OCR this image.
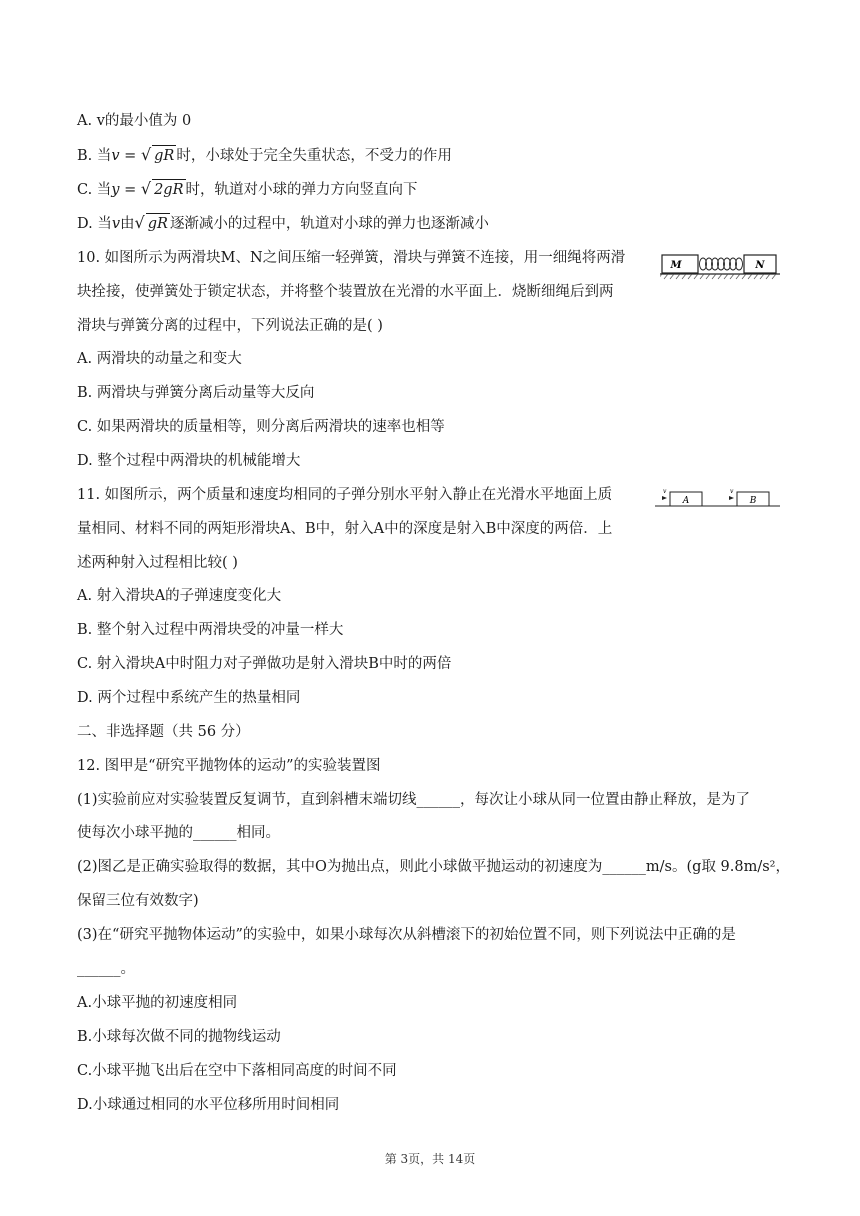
A. v的最小值为 0
B. 当v = √ gR 时，小球处于完全失重状态，不受力的作用
C. 当y = √ 2gR 时，轨道对小球的弹力方向竖直向下
D. 当v由√ gR 逐渐减小的过程中，轨道对小球的弹力也逐渐减小
10. 如图所示为两滑块M、N之间压缩一轻弹簧，滑块与弹簧不连接，用一细绳将两滑
块拴接，使弹簧处于锁定状态，并将整个装置放在光滑的水平面上．烧断细绳后到两
滑块与弹簧分离的过程中，下列说法正确的是( )
A. 两滑块的动量之和变大
B. 两滑块与弹簧分离后动量等大反向
C. 如果两滑块的质量相等，则分离后两滑块的速率也相等
D. 整个过程中两滑块的机械能增大
M	N
11. 如图所示，两个质量和速度均相同的子弹分别水平射入静止在光滑水平地面上质
量相同、材料不同的两矩形滑块A、B中，射入A中的深度是射入B中深度的两倍．上
述两种射入过程相比较( )
A. 射入滑块A的子弹速度变化大
B. 整个射入过程中两滑块受的冲量一样大
C. 射入滑块A中时阻力对子弹做功是射入滑块B中时的两倍
D. 两个过程中系统产生的热量相同
v
A
v
B
二、非选择题（共 56 分）
12. 图甲是“研究平抛物体的运动”的实验装置图
(1)实验前应对实验装置反复调节，直到斜槽末端切线______，每次让小球从同一位置由静止释放，是为了
使每次小球平抛的______相同。
(2)图乙是正确实验取得的数据，其中O为抛出点，则此小球做平抛运动的初速度为______m/s。(g取 9.8m/s²，
保留三位有效数字)
(3)在“研究平抛物体运动”的实验中，如果小球每次从斜槽滚下的初始位置不同，则下列说法中正确的是
______。
A.小球平抛的初速度相同
B.小球每次做不同的抛物线运动
C.小球平抛飞出后在空中下落相同高度的时间不同
D.小球通过相同的水平位移所用时间相同
第 3页，共 14页
